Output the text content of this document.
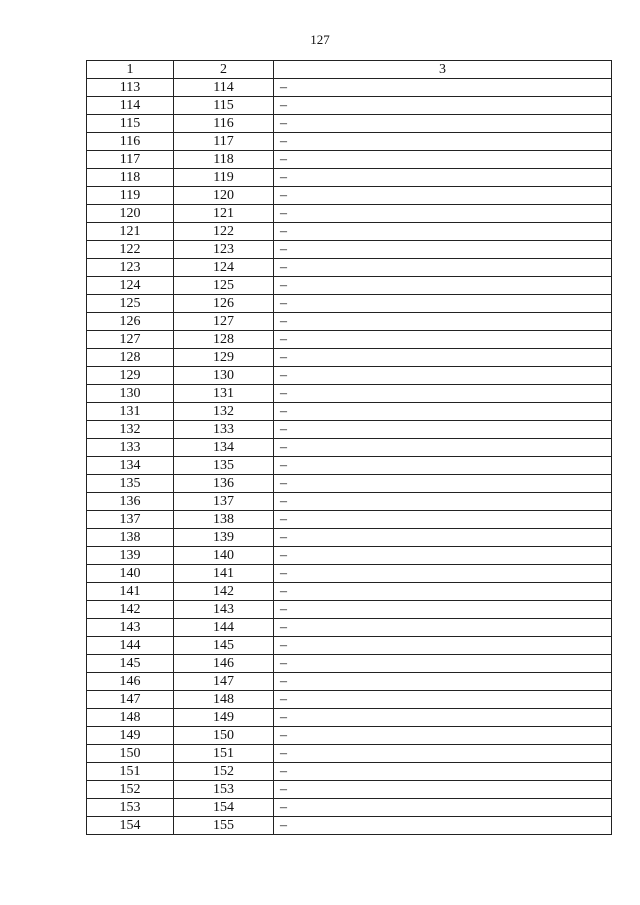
127
1	2	3
113	114	–
114	115	–
115	116	–
116	117	–
117	118	–
118	119	–
119	120	–
120	121	–
121	122	–
122	123	–
123	124	–
124	125	–
125	126	–
126	127	–
127	128	–
128	129	–
129	130	–
130	131	–
131	132	–
132	133	–
133	134	–
134	135	–
135	136	–
136	137	–
137	138	–
138	139	–
139	140	–
140	141	–
141	142	–
142	143	–
143	144	–
144	145	–
145	146	–
146	147	–
147	148	–
148	149	–
149	150	–
150	151	–
151	152	–
152	153	–
153	154	–
154	155	–
